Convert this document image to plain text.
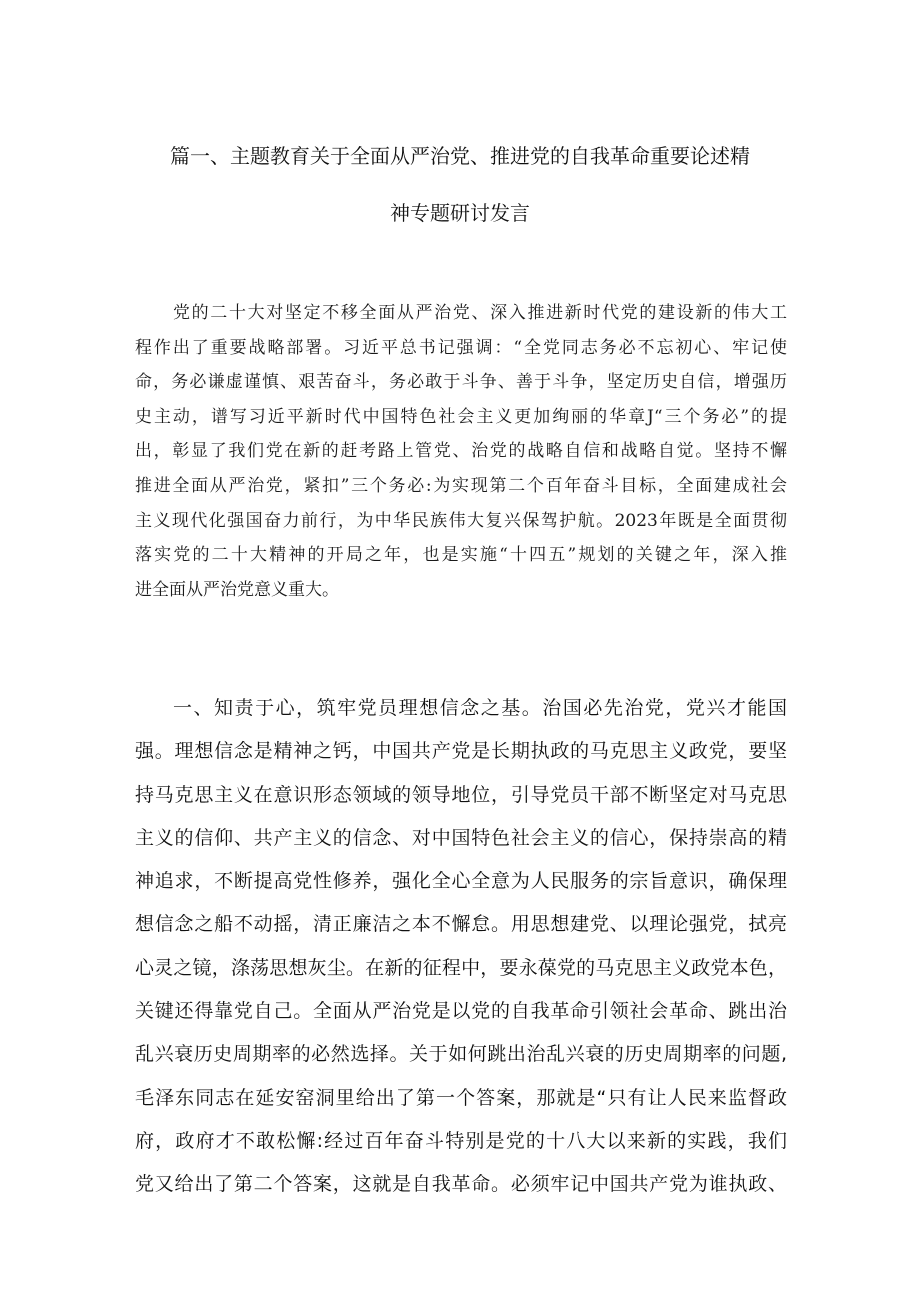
篇一、主题教育关于全面从严治党、推进党的自我革命重要论述精
神专题研讨发言
党的二十大对坚定不移全面从严治党、深入推进新时代党的建设新的伟大工
程作出了重要战略部署。习近平总书记强调：“全党同志务必不忘初心、牢记使
命，务必谦虚谨慎、艰苦奋斗，务必敢于斗争、善于斗争，坚定历史自信，增强历
史主动，谱写习近平新时代中国特色社会主义更加绚丽的华章J“三个务必”的提
出，彰显了我们党在新的赶考路上管党、治党的战略自信和战略自觉。坚持不懈
推进全面从严治党，紧扣”三个务必:为实现第二个百年奋斗目标，全面建成社会
主义现代化强国奋力前行，为中华民族伟大复兴保驾护航。2023年既是全面贯彻
落实党的二十大精神的开局之年，也是实施“十四五”规划的关键之年，深入推
进全面从严治党意义重大。
一、知责于心，筑牢党员理想信念之基。治国必先治党，党兴才能国
强。理想信念是精神之钙，中国共产党是长期执政的马克思主义政党，要坚
持马克思主义在意识形态领域的领导地位，引导党员干部不断坚定对马克思
主义的信仰、共产主义的信念、对中国特色社会主义的信心，保持崇高的精
神追求，不断提高党性修养，强化全心全意为人民服务的宗旨意识，确保理
想信念之船不动摇，清正廉洁之本不懈怠。用思想建党、以理论强党，拭亮
心灵之镜，涤荡思想灰尘。在新的征程中，要永葆党的马克思主义政党本色，
关键还得靠党自己。全面从严治党是以党的自我革命引领社会革命、跳出治
乱兴衰历史周期率的必然选择。关于如何跳出治乱兴衰的历史周期率的问题,
毛泽东同志在延安窑洞里给出了第一个答案，那就是“只有让人民来监督政
府，政府才不敢松懈:经过百年奋斗特别是党的十八大以来新的实践，我们
党又给出了第二个答案，这就是自我革命。必须牢记中国共产党为谁执政、
